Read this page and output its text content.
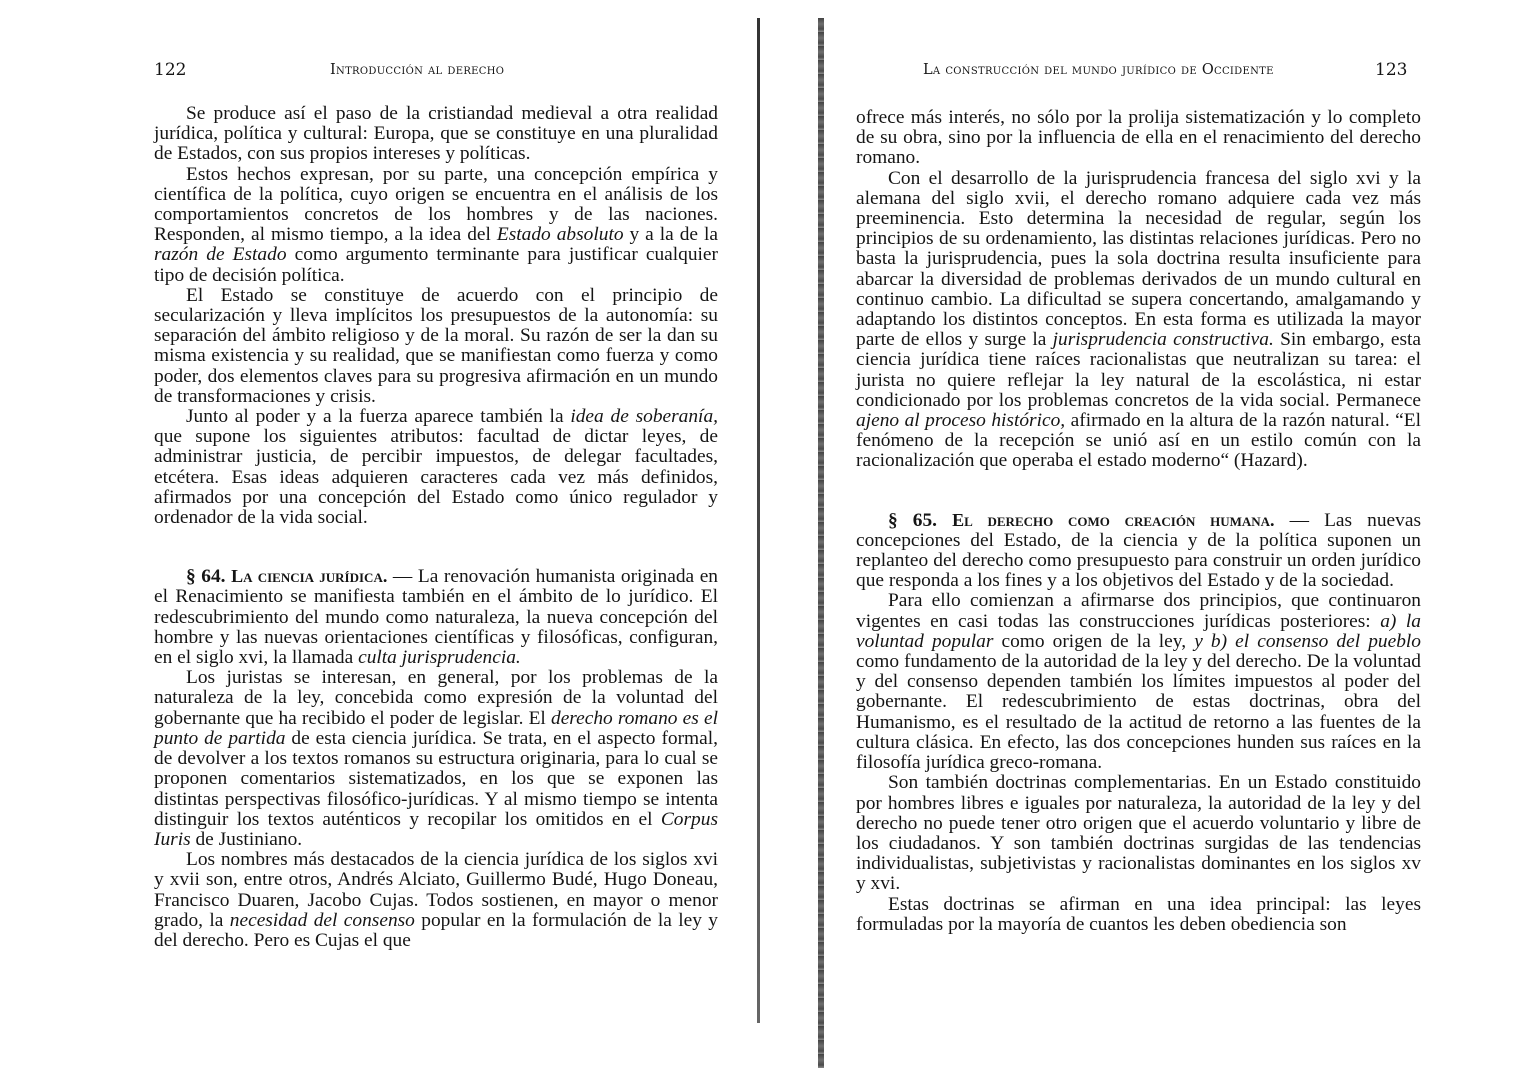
122	Introducción al derecho

Se produce así el paso de la cristiandad medieval a otra realidad jurídica, política y cultural: Europa, que se constituye en una pluralidad de Estados, con sus propios intereses y políticas.

Estos hechos expresan, por su parte, una concepción empírica y científica de la política, cuyo origen se encuentra en el análisis de los comportamientos concretos de los hombres y de las naciones. Responden, al mismo tiempo, a la idea del Estado absoluto y a la de la razón de Estado como argumento terminante para justificar cualquier tipo de decisión política.

El Estado se constituye de acuerdo con el principio de secularización y lleva implícitos los presupuestos de la autonomía: su separación del ámbito religioso y de la moral. Su razón de ser la dan su misma existencia y su realidad, que se manifiestan como fuerza y como poder, dos elementos claves para su progresiva afirmación en un mundo de transformaciones y crisis.

Junto al poder y a la fuerza aparece también la idea de soberanía, que supone los siguientes atributos: facultad de dictar leyes, de administrar justicia, de percibir impuestos, de delegar facultades, etcétera. Esas ideas adquieren caracteres cada vez más definidos, afirmados por una concepción del Estado como único regulador y ordenador de la vida social.

§ 64. La ciencia jurídica. — La renovación humanista originada en el Renacimiento se manifiesta también en el ámbito de lo jurídico. El redescubrimiento del mundo como naturaleza, la nueva concepción del hombre y las nuevas orientaciones científicas y filosóficas, configuran, en el siglo xvi, la llamada culta jurisprudencia.

Los juristas se interesan, en general, por los problemas de la naturaleza de la ley, concebida como expresión de la voluntad del gobernante que ha recibido el poder de legislar. El derecho romano es el punto de partida de esta ciencia jurídica. Se trata, en el aspecto formal, de devolver a los textos romanos su estructura originaria, para lo cual se proponen comentarios sistematizados, en los que se exponen las distintas perspectivas filosófico-jurídicas. Y al mismo tiempo se intenta distinguir los textos auténticos y recopilar los omitidos en el Corpus Iuris de Justiniano.

Los nombres más destacados de la ciencia jurídica de los siglos xvi y xvii son, entre otros, Andrés Alciato, Guillermo Budé, Hugo Doneau, Francisco Duaren, Jacobo Cujas. Todos sostienen, en mayor o menor grado, la necesidad del consenso popular en la formulación de la ley y del derecho. Pero es Cujas el que

La construcción del mundo jurídico de Occidente	123

ofrece más interés, no sólo por la prolija sistematización y lo completo de su obra, sino por la influencia de ella en el renacimiento del derecho romano.

Con el desarrollo de la jurisprudencia francesa del siglo xvi y la alemana del siglo xvii, el derecho romano adquiere cada vez más preeminencia. Esto determina la necesidad de regular, según los principios de su ordenamiento, las distintas relaciones jurídicas. Pero no basta la jurisprudencia, pues la sola doctrina resulta insuficiente para abarcar la diversidad de problemas derivados de un mundo cultural en continuo cambio. La dificultad se supera concertando, amalgamando y adaptando los distintos conceptos. En esta forma es utilizada la mayor parte de ellos y surge la jurisprudencia constructiva. Sin embargo, esta ciencia jurídica tiene raíces racionalistas que neutralizan su tarea: el jurista no quiere reflejar la ley natural de la escolástica, ni estar condicionado por los problemas concretos de la vida social. Permanece ajeno al proceso histórico, afirmado en la altura de la razón natural. “El fenómeno de la recepción se unió así en un estilo común con la racionalización que operaba el estado moderno“ (Hazard).

§ 65. El derecho como creación humana. — Las nuevas concepciones del Estado, de la ciencia y de la política suponen un replanteo del derecho como presupuesto para construir un orden jurídico que responda a los fines y a los objetivos del Estado y de la sociedad.

Para ello comienzan a afirmarse dos principios, que continuaron vigentes en casi todas las construcciones jurídicas posteriores: a) la voluntad popular como origen de la ley, y b) el consenso del pueblo como fundamento de la autoridad de la ley y del derecho. De la voluntad y del consenso dependen también los límites impuestos al poder del gobernante. El redescubrimiento de estas doctrinas, obra del Humanismo, es el resultado de la actitud de retorno a las fuentes de la cultura clásica. En efecto, las dos concepciones hunden sus raíces en la filosofía jurídica greco-romana.

Son también doctrinas complementarias. En un Estado constituido por hombres libres e iguales por naturaleza, la autoridad de la ley y del derecho no puede tener otro origen que el acuerdo voluntario y libre de los ciudadanos. Y son también doctrinas surgidas de las tendencias individualistas, subjetivistas y racionalistas dominantes en los siglos xv y xvi.

Estas doctrinas se afirman en una idea principal: las leyes formuladas por la mayoría de cuantos les deben obediencia son
